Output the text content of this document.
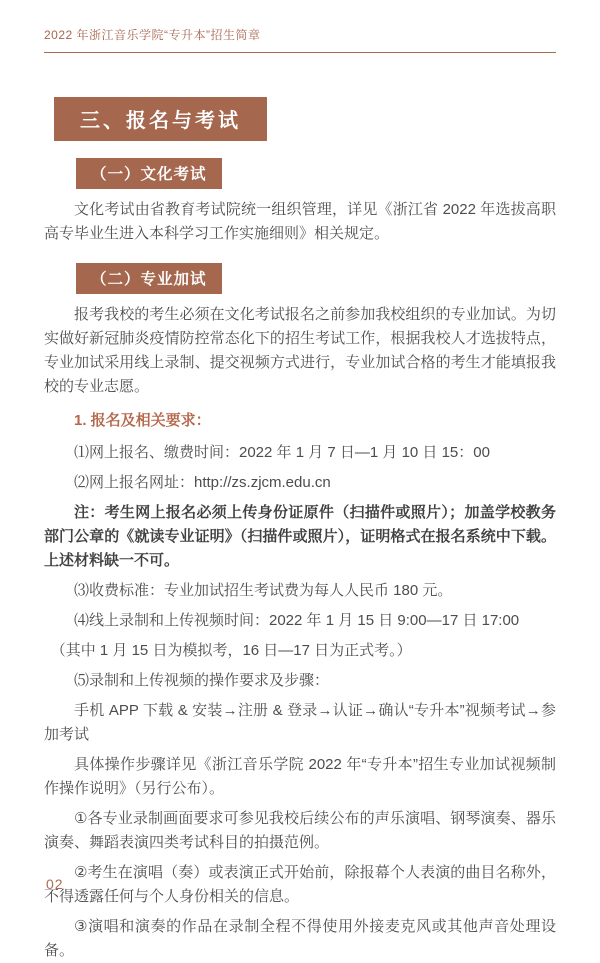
2022 年浙江音乐学院“专升本”招生简章
三、报名与考试
（一）文化考试

文化考试由省教育考试院统一组织管理，详见《浙江省 2022 年选拔高职高专毕业生进入本科学习工作实施细则》相关规定。

（二）专业加试

报考我校的考生必须在文化考试报名之前参加我校组织的专业加试。为切实做好新冠肺炎疫情防控常态化下的招生考试工作，根据我校人才选拔特点，专业加试采用线上录制、提交视频方式进行，专业加试合格的考生才能填报我校的专业志愿。

1. 报名及相关要求：

⑴网上报名、缴费时间：2022 年 1 月 7 日—1 月 10 日 15：00

⑵网上报名网址：http://zs.zjcm.edu.cn

注：考生网上报名必须上传身份证原件（扫描件或照片）；加盖学校教务部门公章的《就读专业证明》（扫描件或照片），证明格式在报名系统中下载。上述材料缺一不可。

⑶收费标准：专业加试招生考试费为每人人民币 180 元。

⑷线上录制和上传视频时间：2022 年 1 月 15 日 9:00—17 日 17:00

（其中 1 月 15 日为模拟考，16 日—17 日为正式考。）

⑸录制和上传视频的操作要求及步骤：

手机 APP 下载 & 安装→注册 & 登录→认证→确认“专升本”视频考试→参加考试

具体操作步骤详见《浙江音乐学院 2022 年“专升本”招生专业加试视频制作操作说明》（另行公布）。

①各专业录制画面要求可参见我校后续公布的声乐演唱、钢琴演奏、器乐演奏、舞蹈表演四类考试科目的拍摄范例。

②考生在演唱（奏）或表演正式开始前，除报幕个人表演的曲目名称外，不得透露任何与个人身份相关的信息。

③演唱和演奏的作品在录制全程不得使用外接麦克风或其他声音处理设备。

02
